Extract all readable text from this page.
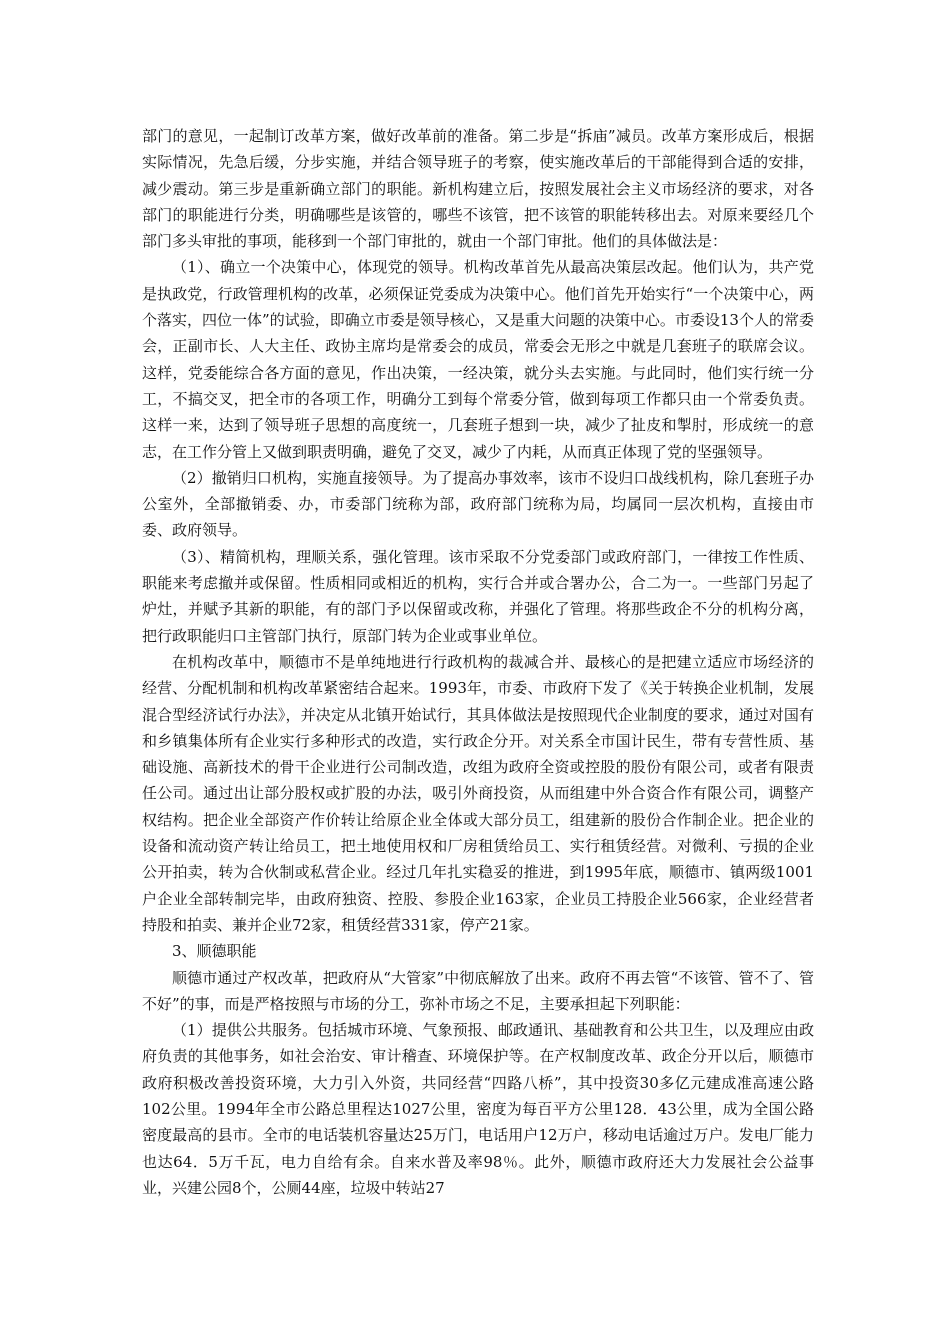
部门的意见，一起制订改革方案，做好改革前的准备。第二步是“拆庙”减员。改革方案形成后，根据实际情况，先急后缓，分步实施，并结合领导班子的考察，使实施改革后的干部能得到合适的安排，减少震动。第三步是重新确立部门的职能。新机构建立后，按照发展社会主义市场经济的要求，对各部门的职能进行分类，明确哪些是该管的，哪些不该管，把不该管的职能转移出去。对原来要经几个部门多头审批的事项，能移到一个部门审批的，就由一个部门审批。他们的具体做法是：

（1）、确立一个决策中心，体现党的领导。机构改革首先从最高决策层改起。他们认为，共产党是执政党，行政管理机构的改革，必须保证党委成为决策中心。他们首先开始实行“一个决策中心，两个落实，四位一体”的试验，即确立市委是领导核心，又是重大问题的决策中心。市委设13个人的常委会，正副市长、人大主任、政协主席均是常委会的成员，常委会无形之中就是几套班子的联席会议。这样，党委能综合各方面的意见，作出决策，一经决策，就分头去实施。与此同时，他们实行统一分工，不搞交叉，把全市的各项工作，明确分工到每个常委分管，做到每项工作都只由一个常委负责。这样一来，达到了领导班子思想的高度统一，几套班子想到一块，减少了扯皮和掣肘，形成统一的意志，在工作分管上又做到职责明确，避免了交叉，减少了内耗，从而真正体现了党的坚强领导。

（2）撤销归口机构，实施直接领导。为了提高办事效率，该市不设归口战线机构，除几套班子办公室外，全部撤销委、办，市委部门统称为部，政府部门统称为局，均属同一层次机构，直接由市委、政府领导。

（3）、精简机构，理顺关系，强化管理。该市采取不分党委部门或政府部门，一律按工作性质、职能来考虑撤并或保留。性质相同或相近的机构，实行合并或合署办公，合二为一。一些部门另起了炉灶，并赋予其新的职能，有的部门予以保留或改称，并强化了管理。将那些政企不分的机构分离，把行政职能归口主管部门执行，原部门转为企业或事业单位。

在机构改革中，顺德市不是单纯地进行行政机构的裁减合并、最核心的是把建立适应市场经济的经营、分配机制和机构改革紧密结合起来。1993年，市委、市政府下发了《关于转换企业机制，发展混合型经济试行办法》，并决定从北镇开始试行，其具体做法是按照现代企业制度的要求，通过对国有和乡镇集体所有企业实行多种形式的改造，实行政企分开。对关系全市国计民生，带有专营性质、基础设施、高新技术的骨干企业进行公司制改造，改组为政府全资或控股的股份有限公司，或者有限责任公司。通过出让部分股权或扩股的办法，吸引外商投资，从而组建中外合资合作有限公司，调整产权结构。把企业全部资产作价转让给原企业全体或大部分员工，组建新的股份合作制企业。把企业的设备和流动资产转让给员工，把土地使用权和厂房租赁给员工、实行租赁经营。对微利、亏损的企业公开拍卖，转为合伙制或私营企业。经过几年扎实稳妥的推进，到1995年底，顺德市、镇两级1001户企业全部转制完毕，由政府独资、控股、参股企业163家，企业员工持股企业566家，企业经营者持股和拍卖、兼并企业72家，租赁经营331家，停产21家。

3、顺德职能

顺德市通过产权改革，把政府从“大管家”中彻底解放了出来。政府不再去管“不该管、管不了、管不好”的事，而是严格按照与市场的分工，弥补市场之不足，主要承担起下列职能：

（1）提供公共服务。包括城市环境、气象预报、邮政通讯、基础教育和公共卫生，以及理应由政府负责的其他事务，如社会治安、审计稽查、环境保护等。在产权制度改革、政企分开以后，顺德市政府积极改善投资环境，大力引入外资，共同经营“四路八桥”，其中投资30多亿元建成准高速公路102公里。1994年全市公路总里程达1027公里，密度为每百平方公里128．43公里，成为全国公路密度最高的县市。全市的电话装机容量达25万门，电话用户12万户，移动电话逾过万户。发电厂能力也达64．5万千瓦，电力自给有余。自来水普及率98％。此外，顺德市政府还大力发展社会公益事业，兴建公园8个，公厕44座，垃圾中转站27
